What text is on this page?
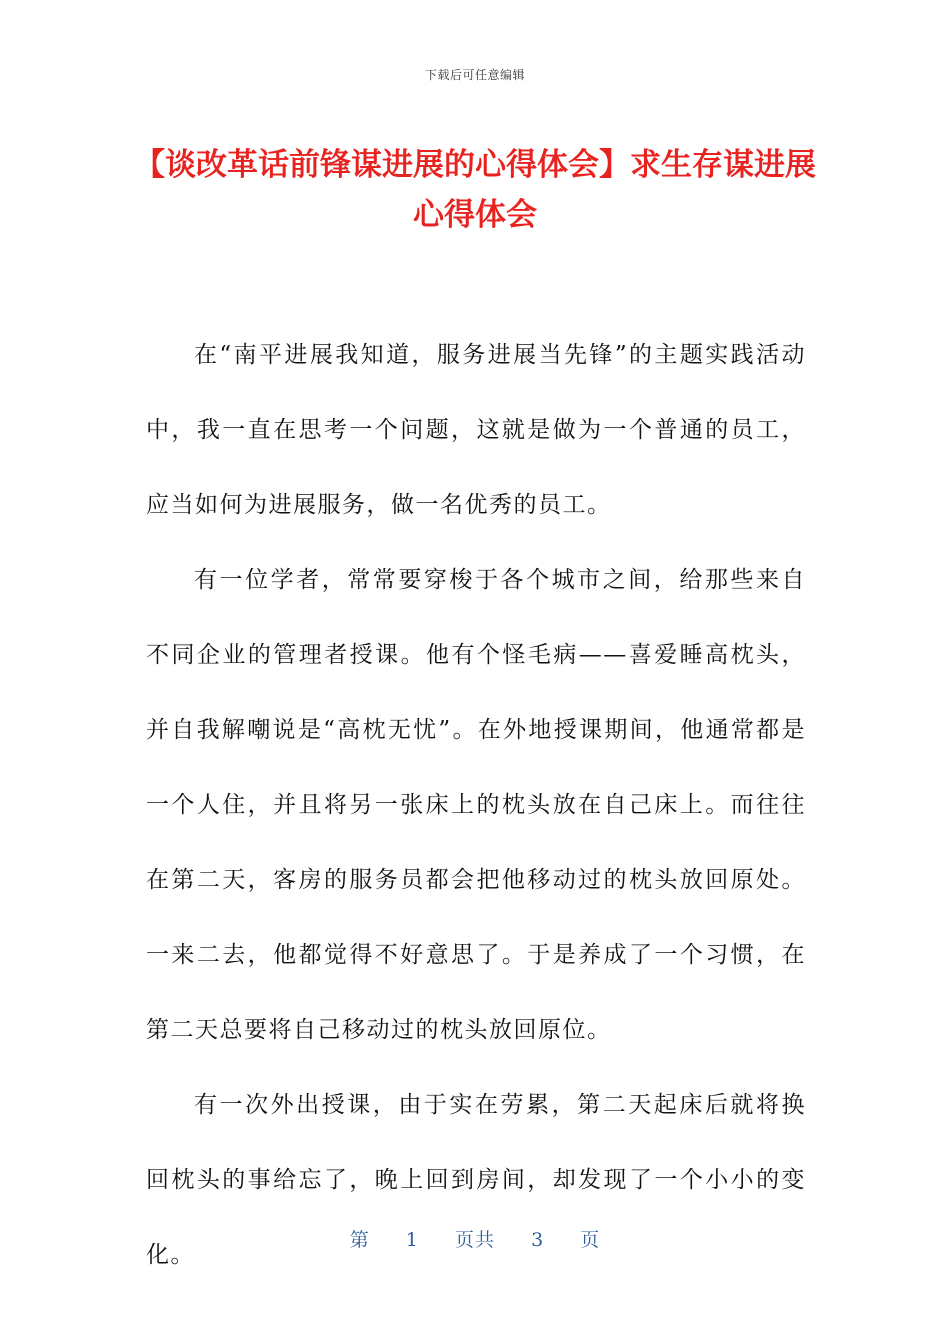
下载后可任意编辑
【谈改革话前锋谋进展的心得体会】求生存谋进展心得体会

在“南平进展我知道，服务进展当先锋”的主题实践活动中，我一直在思考一个问题，这就是做为一个普通的员工，应当如何为进展服务，做一名优秀的员工。

有一位学者，常常要穿梭于各个城市之间，给那些来自不同企业的管理者授课。他有个怪毛病——喜爱睡高枕头，并自我解嘲说是“高枕无忧”。在外地授课期间，他通常都是一个人住，并且将另一张床上的枕头放在自己床上。而往往在第二天，客房的服务员都会把他移动过的枕头放回原处。一来二去，他都觉得不好意思了。于是养成了一个习惯，在第二天总要将自己移动过的枕头放回原位。

有一次外出授课，由于实在劳累，第二天起床后就将换回枕头的事给忘了，晚上回到房间，却发现了一个小小的变化。

第 1 页共 3 页
